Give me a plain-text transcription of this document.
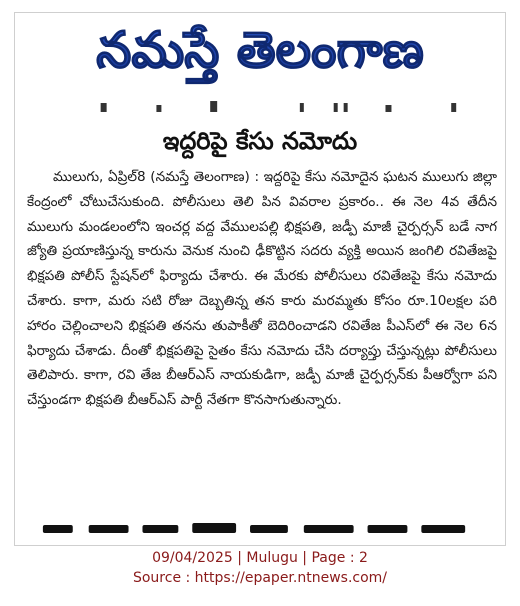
నమస్తే తెలంగాణ
ఇద్దరిపై కేసు నమోదు

ములుగు, ఏప్రిల్8 (నమస్తే తెలంగాణ) : ఇద్దరిపై కేసు నమోదైన ఘటన ములుగు జిల్లా కేంద్రంలో చోటుచేసుకుంది. పోలీసులు తెలి పిన వివరాల ప్రకారం.. ఈ నెల 4వ తేదీన ములుగు మండలంలోని ఇంచర్ల వద్ద వేములపల్లి భిక్షపతి, జడ్పీ మాజీ చైర్పర్సన్ బడే నాగ జ్యోతి ప్రయాణిస్తున్న కారును వెనుక నుంచి ఢీకొట్టిన సదరు వ్యక్తి అయిన జంగిలి రవితేజపై భిక్షపతి పోలీస్ స్టేషన్‌లో ఫిర్యాదు చేశారు. ఈ మేరకు పోలీసులు రవితేజపై కేసు నమోదు చేశారు. కాగా, మరు సటి రోజు దెబ్బతిన్న తన కారు మరమ్మతు కోసం రూ.10లక్షల పరి హారం చెల్లించాలని భిక్షపతి తనను తుపాకీతో బెదిరించాడని రవితేజ పీఎస్‌లో ఈ నెల 6న ఫిర్యాదు చేశాడు. దీంతో భిక్షపతిపై సైతం కేసు నమోదు చేసి దర్యాప్తు చేస్తున్నట్లు పోలీసులు తెలిపారు. కాగా, రవి తేజ బీఆర్ఎస్ నాయకుడిగా, జడ్పీ మాజీ చైర్పర్సన్‌కు పీఆర్వోగా పని చేస్తుండగా భిక్షపతి బీఆర్ఎస్ పార్టీ నేతగా కొనసాగుతున్నారు.

09/04/2025 | Mulugu | Page : 2
Source : https://epaper.ntnews.com/
